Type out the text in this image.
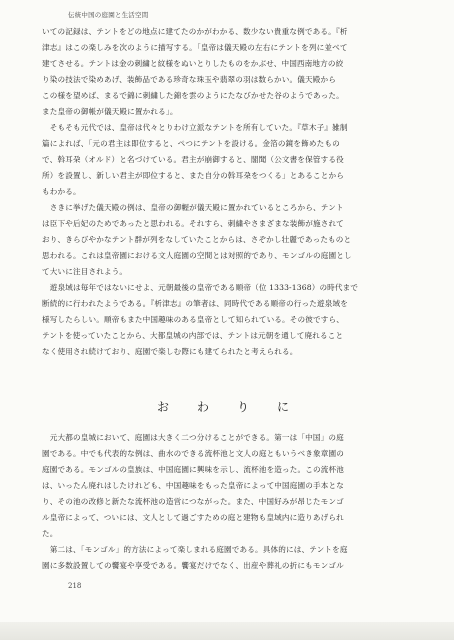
伝統中国の庭園と生活空間
いての記録は、テントをどの地点に建てたのかがわかる、数少ない貴重な例である。『析
津志』はこの楽しみを次のように描写する。「皇帝は儀天殿の左右にテントを列に並べて
建てさせる。テントは金の刺繍と紋様をぬいとりしたものをかぶせ、中国西南地方の絞
り染の技法で染めあげ、装飾品である珍奇な珠玉や翡翠の羽は数らかい。儀天殿から
この様を望めば、まるで錦に刺繍した錦を雲のようにたなびかせた谷のようであった。
また皇帝の御帳が儀天殿に置かれる」。
　そもそも元代では、皇帝は代々とりわけ立派なテントを所有していた。『草木子』雑制
篇によれば、「元の君主は即位すると、ぺつにテントを設ける。金箔の鏡を飾めたもの
で、斡耳朶（オルド）と名づけている。君主が崩御すると、閣聞（公文書を保管する役
所）を設置し、新しい君主が即位すると、また自分の斡耳朶をつくる」とあることから
もわかる。
　さきに挙げた儀天殿の例は、皇帝の御幄が儀天殿に置かれているところから、テント
は臣下や后妃のためであったと思われる。それすら、刺繍やさまざまな装飾が施されて
おり、きらびやかなテント群が列をなしていたことからは、さぞかし壮麗であったものと
思われる。これは皇帝園における文人庭園の空間とは対照的であり、モンゴルの庭園とし
て大いに注目されよう。
　遊泉域は毎年ではないにせよ、元朝最後の皇帝である順帝（位 1333-1368）の時代まで
断続的に行われたようである。『析津志』の筆者は、同時代である順帝の行った遊泉域を
様写したらしい。順帝もまた中国趣味のある皇帝として知られている。その彼ですら、
テントを使っていたことから、大都皇城の内部では、テントは元朝を通して廃れること
なく使用され続けており、庭園で楽しむ際にも建てられたと考えられる。
お　わ　り　に
　元大都の皇城において、庭園は大きく二つ分けることができる。第一は「中国」の庭
園である。中でも代表的な例は、曲水のできる流杯池と文人の庭ともいうべき象章園の
庭園である。モンゴルの皇族は、中国庭園に興味を示し、流杯池を造った。この流杯池
は、いったん廃れはしたけれども、中国趣味をもった皇帝によって中国庭園の手本とな
り、その池の改修と新たな流杯池の造営につながった。また、中国好みが昂じたモンゴ
ル皇帝によって、ついには、文人として過ごすための庭と建物も皇域内に造りあげられ
た。
　第二は、「モンゴル」的方法によって楽しまれる庭園である。具体的には、テントを庭
園に多数設置しての饗宴や享受である。饗宴だけでなく、出産や葬礼の折にもモンゴル
218
